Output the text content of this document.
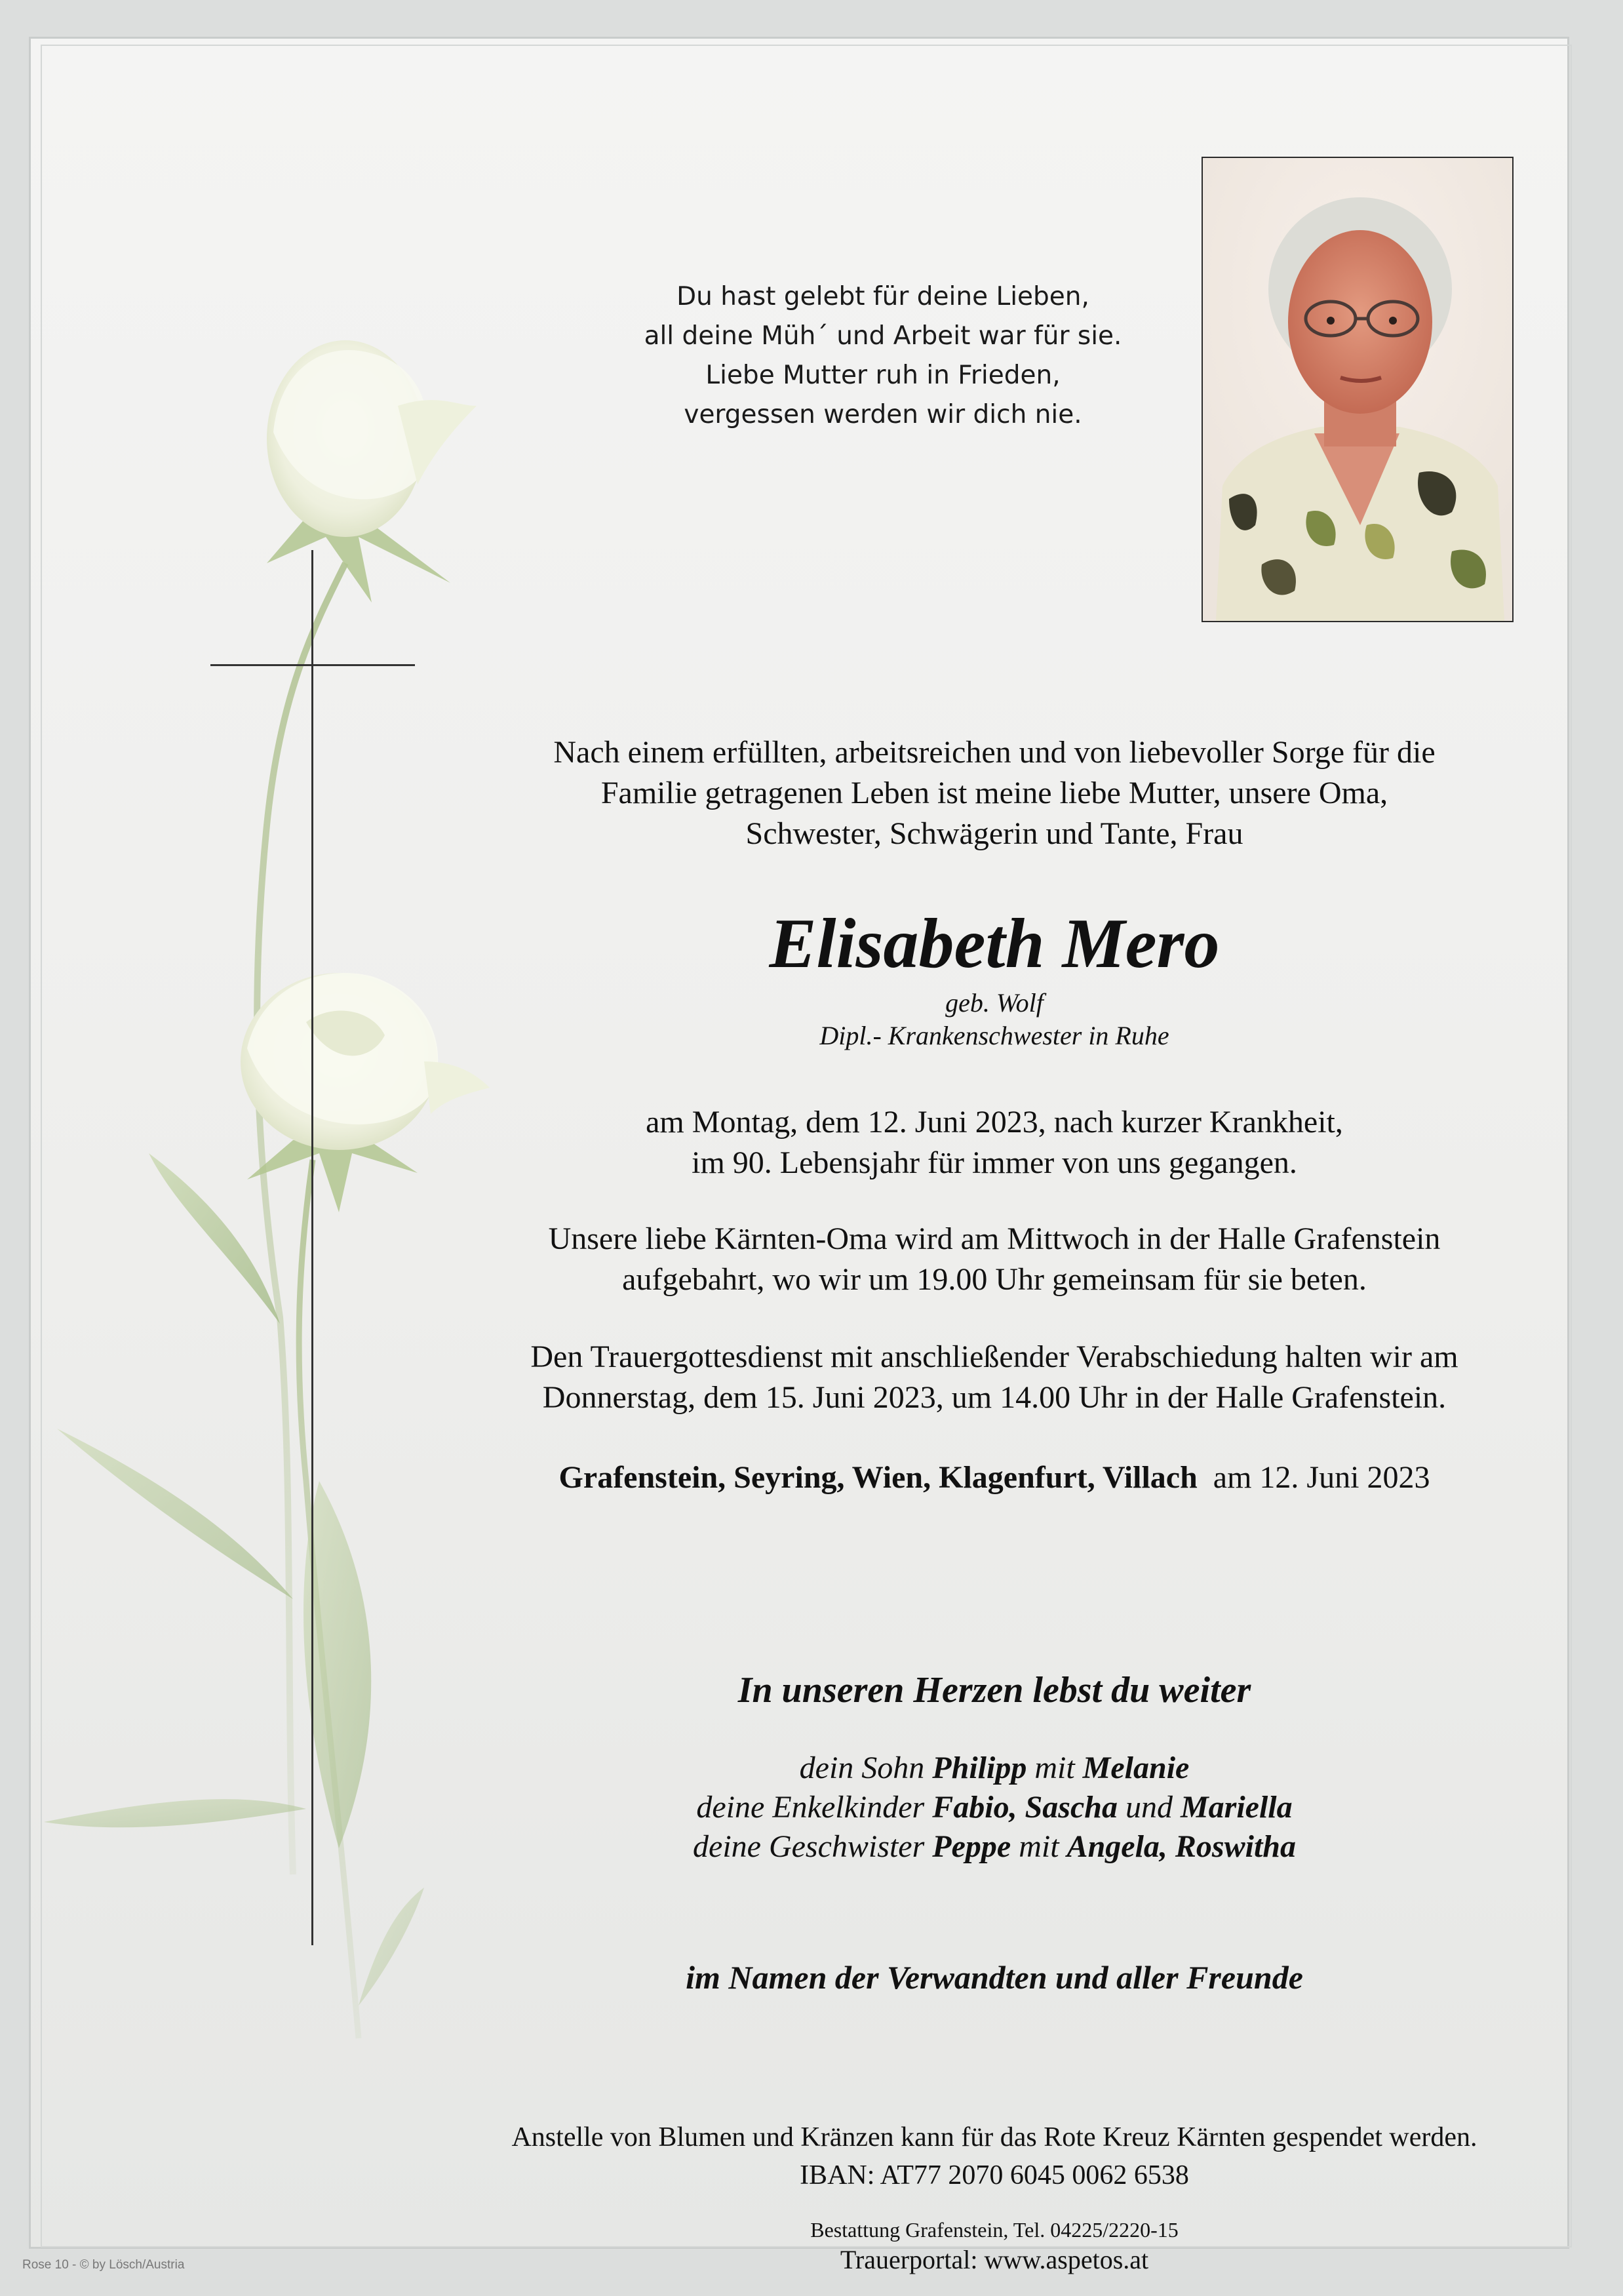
Du hast gelebt für deine Lieben,
all deine Müh´ und Arbeit war für sie.
Liebe Mutter ruh in Frieden,
vergessen werden wir dich nie.
Nach einem erfüllten, arbeitsreichen und von liebevoller Sorge für die
Familie getragenen Leben ist meine liebe Mutter, unsere Oma,
Schwester, Schwägerin und Tante, Frau
Elisabeth Mero
geb. Wolf
Dipl.- Krankenschwester in Ruhe
am Montag, dem 12. Juni 2023, nach kurzer Krankheit,
im 90. Lebensjahr für immer von uns gegangen.
Unsere liebe Kärnten-Oma wird am Mittwoch in der Halle Grafenstein
aufgebahrt, wo wir um 19.00 Uhr gemeinsam für sie beten.
Den Trauergottesdienst mit anschließender Verabschiedung halten wir am
Donnerstag, dem 15. Juni 2023, um 14.00 Uhr in der Halle Grafenstein.
Grafenstein, Seyring, Wien, Klagenfurt, Villach am 12. Juni 2023
In unseren Herzen lebst du weiter
dein Sohn Philipp mit Melanie
deine Enkelkinder Fabio, Sascha und Mariella
deine Geschwister Peppe mit Angela, Roswitha
im Namen der Verwandten und aller Freunde
Anstelle von Blumen und Kränzen kann für das Rote Kreuz Kärnten gespendet werden.
IBAN: AT77 2070 6045 0062 6538
Bestattung Grafenstein, Tel. 04225/2220-15
Trauerportal: www.aspetos.at
Rose 10 - © by Lösch/Austria
